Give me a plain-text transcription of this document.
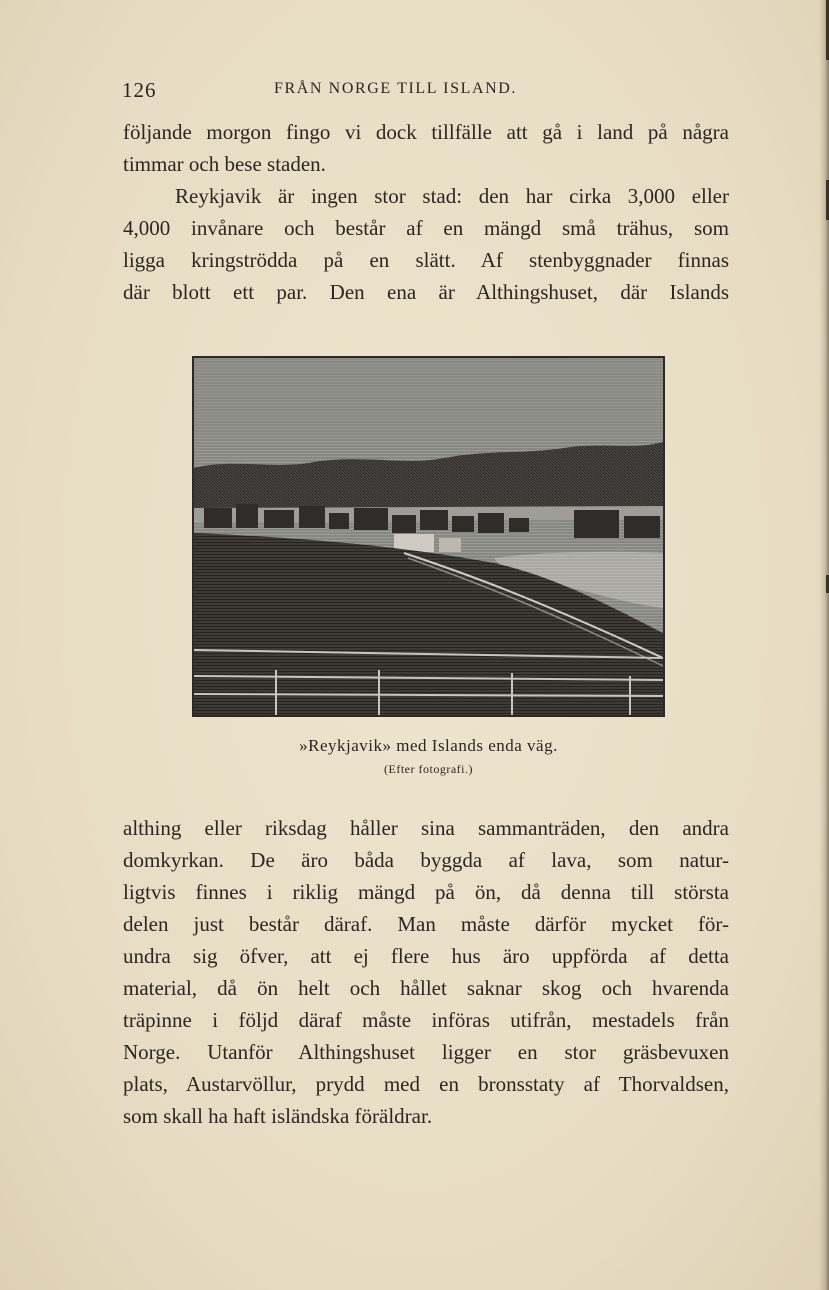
126	FRÅN NORGE TILL ISLAND.
följande morgon fingo vi dock tillfälle att gå i land på några
timmar och bese staden.
Reykjavik är ingen stor stad: den har cirka 3,000 eller
4,000 invånare och består af en mängd små trähus, som
ligga kringströdda på en slätt. Af stenbyggnader finnas
där blott ett par. Den ena är Althingshuset, där Islands
»Reykjavik» med Islands enda väg.
(Efter fotografi.)
althing eller riksdag håller sina sammanträden, den andra
domkyrkan. De äro båda byggda af lava, som natur-
ligtvis finnes i riklig mängd på ön, då denna till största
delen just består däraf. Man måste därför mycket för-
undra sig öfver, att ej flere hus äro uppförda af detta
material, då ön helt och hållet saknar skog och hvarenda
träpinne i följd däraf måste införas utifrån, mestadels från
Norge. Utanför Althingshuset ligger en stor gräsbevuxen
plats, Austarvöllur, prydd med en bronsstaty af Thorvaldsen,
som skall ha haft isländska föräldrar.
